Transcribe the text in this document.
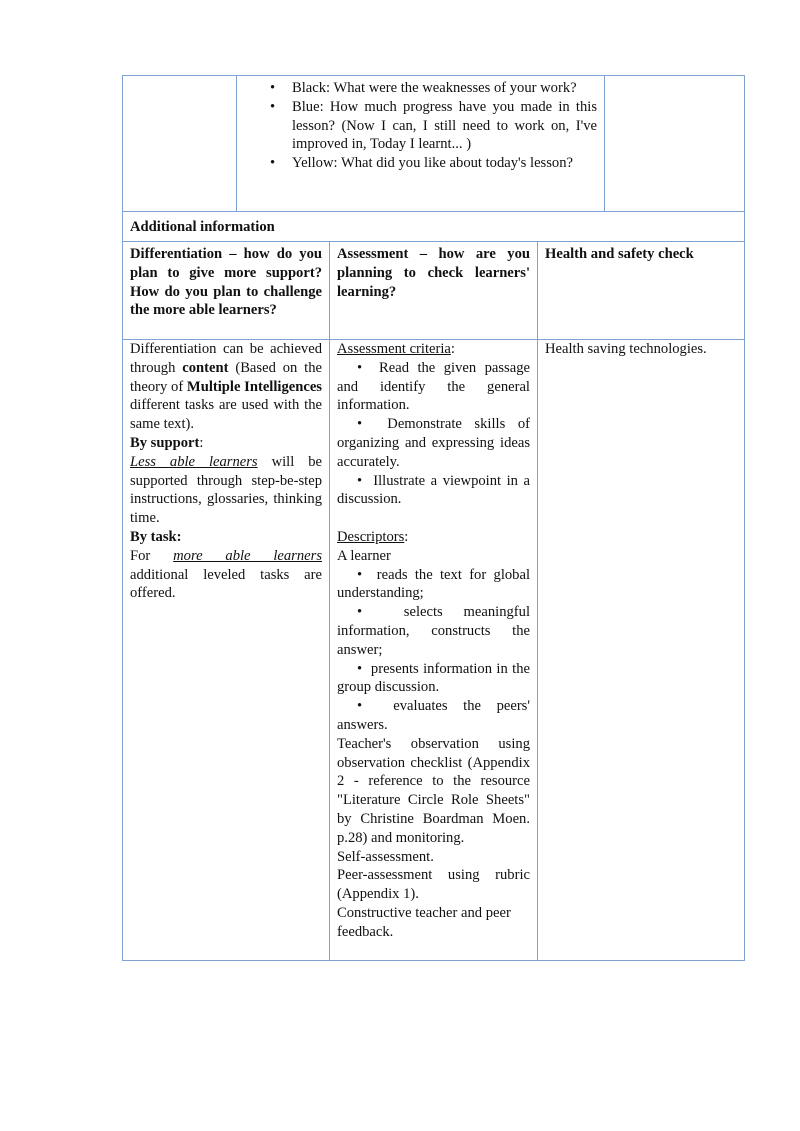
• Black: What were the weaknesses of your work?
• Blue: How much progress have you made in this lesson? (Now I can, I still need to work on, I've improved in, Today I learnt... )
• Yellow: What did you like about today's lesson?
Additional information
Differentiation – how do you plan to give more support? How do you plan to challenge the more able learners?
Assessment – how are you planning to check learners' learning?
Health and safety check
Differentiation can be achieved through content (Based on the theory of Multiple Intelligences different tasks are used with the same text).
By support:
Less able learners will be supported through step-be-step instructions, glossaries, thinking time.
By task:
For more able learners additional leveled tasks are offered.
Assessment criteria:
•  Read the given passage and identify the general information.
•  Demonstrate skills of organizing and expressing ideas accurately.
•  Illustrate a viewpoint in a discussion.
Descriptors:
A learner
•  reads the text for global understanding;
•  selects meaningful information, constructs the answer;
•  presents information in the group discussion.
•  evaluates the peers' answers.
Teacher's observation using observation checklist (Appendix 2 - reference to the resource "Literature Circle Role Sheets" by Christine Boardman Moen. p.28) and monitoring.
Self-assessment.
Peer-assessment using rubric (Appendix 1).
Constructive teacher and peer feedback.
Health saving technologies.
